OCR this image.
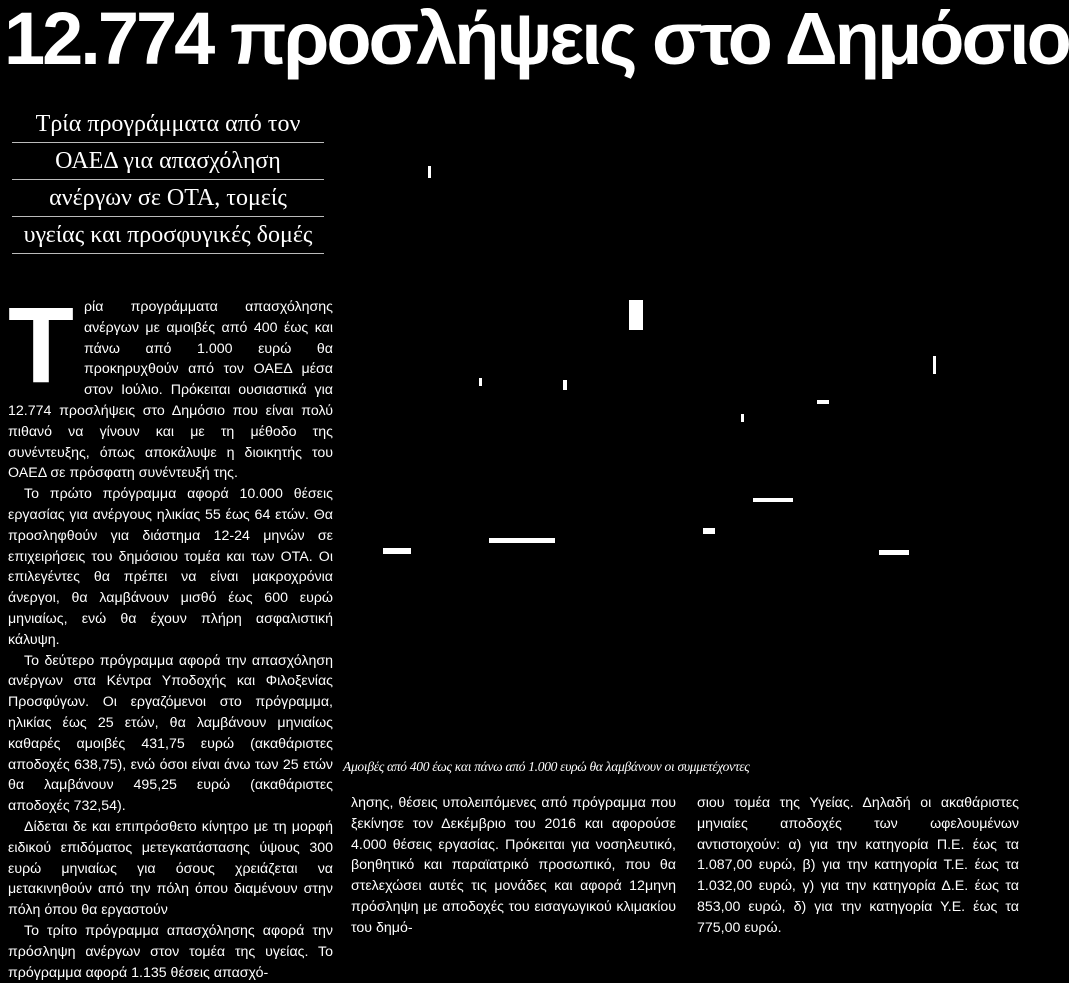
12.774 προσλήψεις στο Δημόσιο
Τρία προγράμματα από τον
ΟΑΕΔ για απασχόληση
ανέργων σε ΟΤΑ, τομείς
υγείας και προσφυγικές δομές

Τρία προγράμματα απασχόλησης ανέργων με αμοιβές από 400 έως και πάνω από 1.000 ευρώ θα προκηρυχθούν από τον ΟΑΕΔ μέσα στον Ιούλιο. Πρόκειται ουσιαστικά για 12.774 προσλήψεις στο Δημόσιο που είναι πολύ πιθανό να γίνουν και με τη μέθοδο της συνέντευξης, όπως αποκάλυψε η διοικητής του ΟΑΕΔ σε πρόσφατη συνέντευξή της.

Το πρώτο πρόγραμμα αφορά 10.000 θέσεις εργασίας για ανέργους ηλικίας 55 έως 64 ετών. Θα προσληφθούν για διάστημα 12-24 μηνών σε επιχειρήσεις του δημόσιου τομέα και των ΟΤΑ. Οι επιλεγέντες θα πρέπει να είναι μακροχρόνια άνεργοι, θα λαμβάνουν μισθό έως 600 ευρώ μηνιαίως, ενώ θα έχουν πλήρη ασφαλιστική κάλυψη.

Το δεύτερο πρόγραμμα αφορά την απασχόληση ανέργων στα Κέντρα Υποδοχής και Φιλοξενίας Προσφύγων. Οι εργαζόμενοι στο πρόγραμμα, ηλικίας έως 25 ετών, θα λαμβάνουν μηνιαίως καθαρές αμοιβές 431,75 ευρώ (ακαθάριστες αποδοχές 638,75), ενώ όσοι είναι άνω των 25 ετών θα λαμβάνουν 495,25 ευρώ (ακαθάριστες αποδοχές 732,54).

Δίδεται δε και επιπρόσθετο κίνητρο με τη μορφή ειδικού επιδόματος μετεγκατάστασης ύψους 300 ευρώ μηνιαίως για όσους χρειάζεται να μετακινηθούν από την πόλη όπου διαμένουν στην πόλη όπου θα εργαστούν

Το τρίτο πρόγραμμα απασχόλησης αφορά την πρόσληψη ανέργων στον τομέα της υγείας. Το πρόγραμμα αφορά 1.135 θέσεις απασχό-

Αμοιβές από 400 έως και πάνω από 1.000 ευρώ θα λαμβάνουν οι συμμετέχοντες

λησης, θέσεις υπολειπόμενες από πρόγραμμα που ξεκίνησε τον Δεκέμβριο του 2016 και αφορούσε 4.000 θέσεις εργασίας. Πρόκειται για νοσηλευτικό, βοηθητικό και παραϊατρικό προσωπικό, που θα στελεχώσει αυτές τις μονάδες και αφορά 12μηνη πρόσληψη με αποδοχές του εισαγωγικού κλιμακίου του δημό-

σιου τομέα της Υγείας. Δηλαδή οι ακαθάριστες μηνιαίες αποδοχές των ωφελουμένων αντιστοιχούν: α) για την κατηγορία Π.Ε. έως τα 1.087,00 ευρώ, β) για την κατηγορία Τ.Ε. έως τα 1.032,00 ευρώ, γ) για την κατηγορία Δ.Ε. έως τα 853,00 ευρώ, δ) για την κατηγορία Υ.Ε. έως τα 775,00 ευρώ.
